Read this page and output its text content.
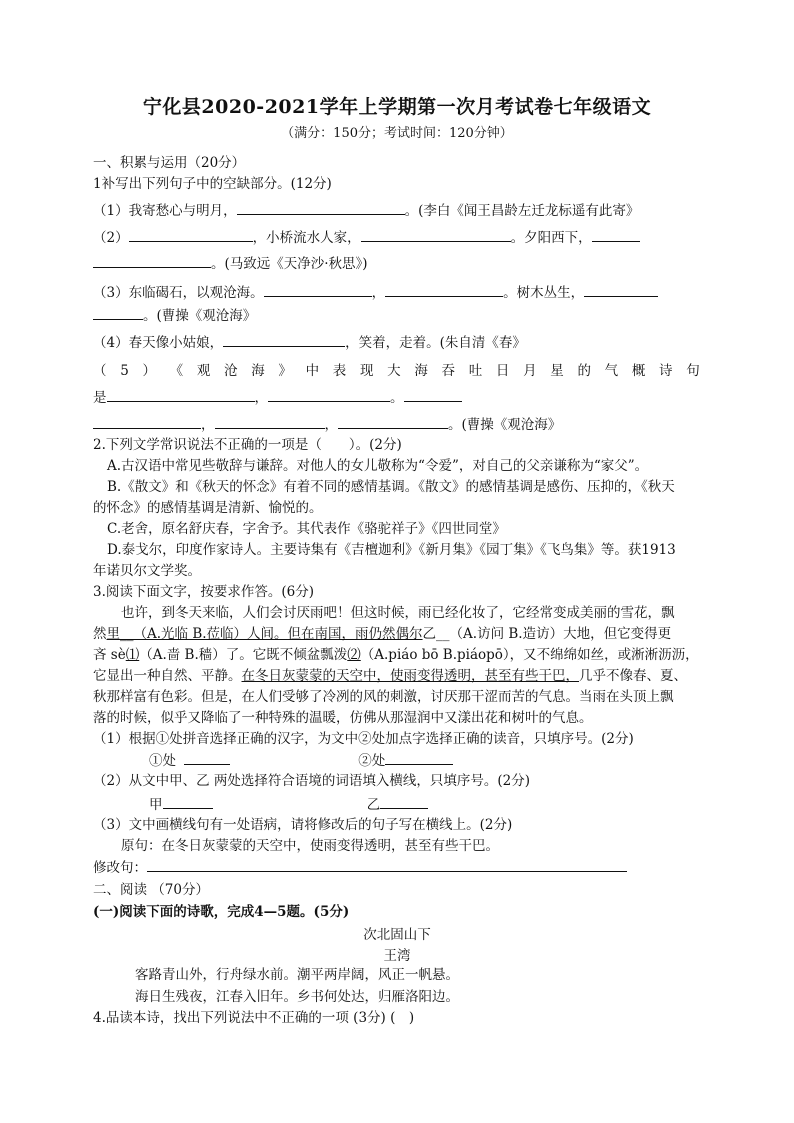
宁化县2020-2021学年上学期第一次月考试卷七年级语文
（满分：150分；考试时间：120分钟）
一、积累与运用（20分）
1补写出下列句子中的空缺部分。(12分)
（1）我寄愁心与明月，	。(李白《闻王昌龄左迁龙标遥有此寄》
（2）	，小桥流水人家，	。夕阳西下，
。(马致远《天净沙·秋思》)
（3）东临碣石，以观沧海。	，	。树木丛生，
。(曹操《观沧海》
（4）春天像小姑娘，	，笑着，走着。(朱自清《春》
（ 5 ） 《 观 沧 海 》 中 表 现 大 海 吞 吐 日 月 星 的 气 概 诗 句
是	，	。
，	，	。(曹操《观沧海》
2.下列文学常识说法不正确的一项是（　　）。(2分)
A.古汉语中常见些敬辞与谦辞。对他人的女儿敬称为“令爱”，对自己的父亲谦称为“家父”。
B.《散文》和《秋天的怀念》有着不同的感情基调。《散文》的感情基调是感伤、压抑的，《秋天
的怀念》的感情基调是清新、愉悦的。
C.老舍，原名舒庆春，字舍予。其代表作《骆驼祥子》《四世同堂》
D.泰戈尔，印度作家诗人。主要诗集有《吉檀迦利》《新月集》《园丁集》《飞鸟集》等。获1913
年诺贝尔文学奖。
3.阅读下面文字，按要求作答。(6分)
也许，到冬天来临，人们会讨厌雨吧！但这时候，雨已经化妆了，它经常变成美丽的雪花，飘
然里__（A.光临 B.莅临）人间。但在南国，雨仍然偶尔乙__（A.访问 B.造访）大地，但它变得更
吝 sè⑴（A.啬 B.穑）了。它既不倾盆瓢泼⑵（A.piáo bō B.piáopō），又不绵绵如丝，或淅淅沥沥，
它显出一种自然、平静。在冬日灰蒙蒙的天空中，使雨变得透明，甚至有些干巴，几乎不像春、夏、
秋那样富有色彩。但是，在人们受够了冷冽的风的刺激，讨厌那干涩而苦的气息。当雨在头顶上飘
落的时候，似乎又降临了一种特殊的温暖，仿佛从那湿润中又漾出花和树叶的气息。
（1）根据①处拼音选择正确的汉字，为文中②处加点字选择正确的读音，只填序号。(2分)
①处	②处
（2）从文中甲、乙 两处选择符合语境的词语填入横线，只填序号。(2分)
甲	乙
（3）文中画横线句有一处语病，请将修改后的句子写在横线上。(2分)
原句：在冬日灰蒙蒙的天空中，使雨变得透明，甚至有些干巴。
修改句：
二、阅读 （70分）
(一)阅读下面的诗歌，完成4—5题。(5分)
次北固山下
王湾
客路青山外，行舟绿水前。潮平两岸阔，风正一帆悬。
海日生残夜，江春入旧年。乡书何处达，归雁洛阳边。
4.品读本诗，找出下列说法中不正确的一项 (3分) (　)
